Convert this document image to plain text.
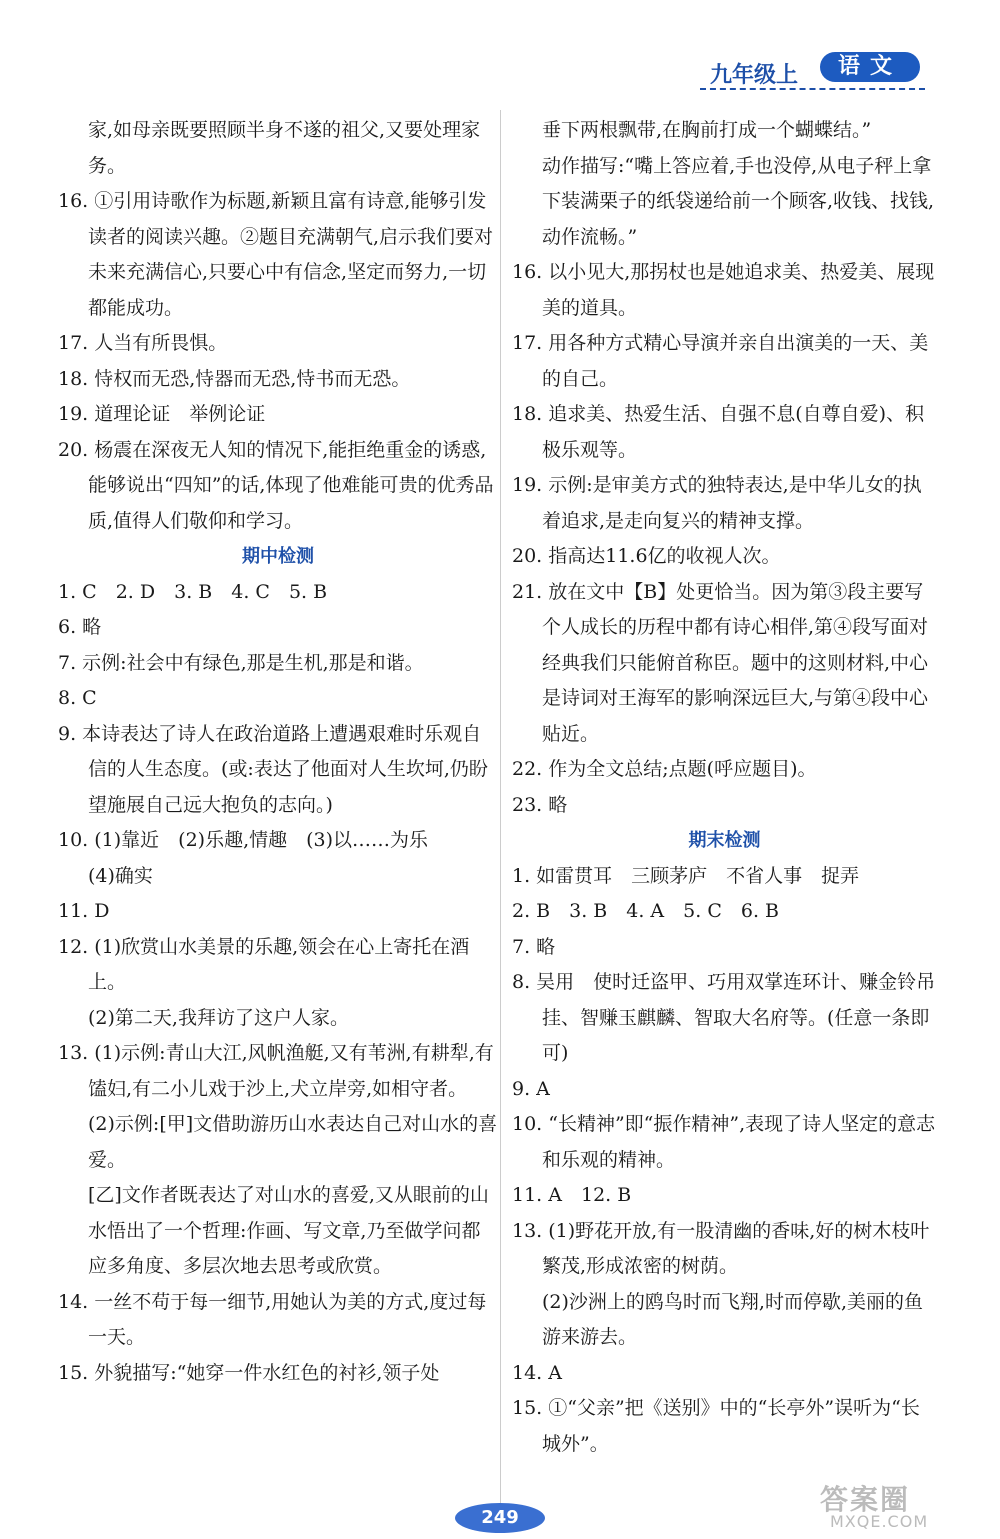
九年级上	语文

家,如母亲既要照顾半身不遂的祖父,又要处理家务。

16. ①引用诗歌作为标题,新颖且富有诗意,能够引发读者的阅读兴趣。②题目充满朝气,启示我们要对未来充满信心,只要心中有信念,坚定而努力,一切都能成功。

17. 人当有所畏惧。

18. 恃权而无恐,恃器而无恐,恃书而无恐。

19. 道理论证　举例论证

20. 杨震在深夜无人知的情况下,能拒绝重金的诱惑,能够说出“四知”的话,体现了他难能可贵的优秀品质,值得人们敬仰和学习。

期中检测

1. C　2. D　3. B　4. C　5. B

6. 略

7. 示例:社会中有绿色,那是生机,那是和谐。

8. C

9. 本诗表达了诗人在政治道路上遭遇艰难时乐观自信的人生态度。(或:表达了他面对人生坎坷,仍盼望施展自己远大抱负的志向。)

10. (1)靠近　(2)乐趣,情趣　(3)以……为乐

(4)确实

11. D

12. (1)欣赏山水美景的乐趣,领会在心上寄托在酒上。

(2)第二天,我拜访了这户人家。

13. (1)示例:青山大江,风帆渔艇,又有苇洲,有耕犁,有馌妇,有二小儿戏于沙上,犬立岸旁,如相守者。

(2)示例:[甲]文借助游历山水表达自己对山水的喜爱。

[乙]文作者既表达了对山水的喜爱,又从眼前的山水悟出了一个哲理:作画、写文章,乃至做学问都应多角度、多层次地去思考或欣赏。

14. 一丝不苟于每一细节,用她认为美的方式,度过每一天。

15. 外貌描写:“她穿一件水红色的衬衫,领子处

垂下两根飘带,在胸前打成一个蝴蝶结。”

动作描写:“嘴上答应着,手也没停,从电子秤上拿下装满栗子的纸袋递给前一个顾客,收钱、找钱,动作流畅。”

16. 以小见大,那拐杖也是她追求美、热爱美、展现美的道具。

17. 用各种方式精心导演并亲自出演美的一天、美的自己。

18. 追求美、热爱生活、自强不息(自尊自爱)、积极乐观等。

19. 示例:是审美方式的独特表达,是中华儿女的执着追求,是走向复兴的精神支撑。

20. 指高达11.6亿的收视人次。

21. 放在文中【B】处更恰当。因为第③段主要写个人成长的历程中都有诗心相伴,第④段写面对经典我们只能俯首称臣。题中的这则材料,中心是诗词对王海军的影响深远巨大,与第④段中心贴近。

22. 作为全文总结;点题(呼应题目)。

23. 略

期末检测

1. 如雷贯耳　三顾茅庐　不省人事　捉弄

2. B　3. B　4. A　5. C　6. B

7. 略

8. 吴用　使时迁盗甲、巧用双掌连环计、赚金铃吊挂、智赚玉麒麟、智取大名府等。(任意一条即可)

9. A

10. “长精神”即“振作精神”,表现了诗人坚定的意志和乐观的精神。

11. A　12. B

13. (1)野花开放,有一股清幽的香味,好的树木枝叶繁茂,形成浓密的树荫。

(2)沙洲上的鸥鸟时而飞翔,时而停歇,美丽的鱼游来游去。

14. A

15. ①“父亲”把《送别》中的“长亭外”误听为“长城外”。

249
答案圈
MXQE.COM
